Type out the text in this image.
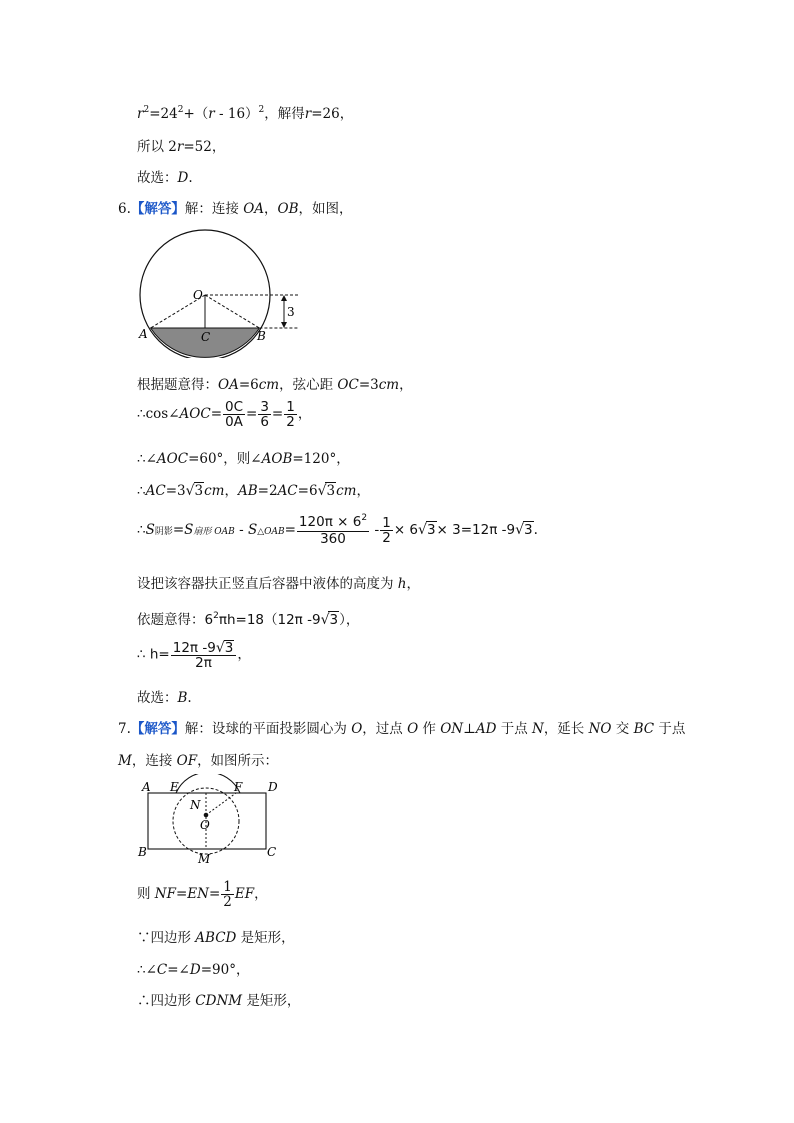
$r^2=24^2+(r - 16)^2$，解得r=26，
所以 2r=52，
故选：D.
6.【解答】解：连接 OA，OB，如图，
O
A	B
C
3
根据题意得：OA=6cm，弦心距 OC=3cm，
∴cos∠AOC= $\frac{0C}{0A} = \frac{3}{6} = \frac{1}{2}$ ，
∴∠AOC=60°，则∠AOB=120°，
∴AC=3√3cm，AB=2AC=6√3cm，
∴S阴影=S扇形 OAB - S△OAB= $\frac{120\pi \times 6^2}{360} - \frac{1}{2} \times 6√3\times 3=12\pi$ -9√3.
设把该容器扶正竖直后容器中液体的高度为 h，
依题意得：$6^2\pi h=18(12\pi$ -9√3），
∴ $h= \frac{12\pi -9√3}{2\pi}$ ，
故选：B.
7.【解答】解：设球的平面投影圆心为 O，过点 O 作 ON⊥AD 于点 N，延长 NO 交 BC 于点
M，连接 OF，如图所示：
A E	F D
N
O
B	M	C
则 $NF=EN= \frac{1}{2}$ EF，
∵四边形 ABCD 是矩形，
∴∠C=∠D=90°，
∴四边形 CDNM 是矩形，
